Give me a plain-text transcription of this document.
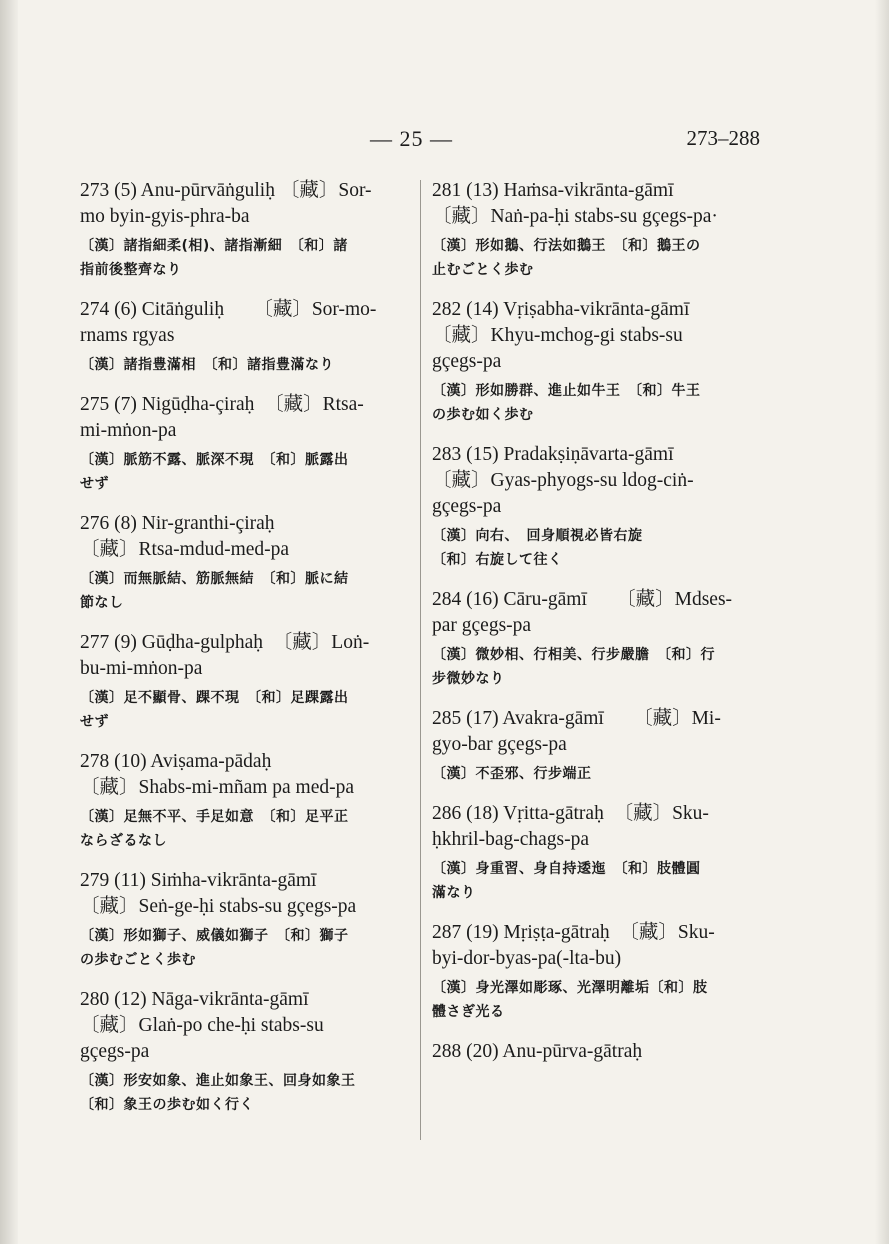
— 25 —	273–288
273 (5) Anu-pūrvāṅguliḥ 〔藏〕Sor-
mo byin-gyis-phra-ba
〔漢〕諸指細柔(相)、諸指漸細　〔和〕諸
指前後整齊なり
274 (6) Citāṅguliḥ　　〔藏〕Sor-mo-
rnams rgyas
〔漢〕諸指豊滿相　〔和〕諸指豊滿なり
275 (7) Nigūḍha-çiraḥ　〔藏〕Rtsa-
mi-mṅon-pa
〔漢〕脈筋不露、脈深不現　〔和〕脈露出
せず
276 (8) Nir-granthi-çiraḥ
〔藏〕Rtsa-mdud-med-pa
〔漢〕而無脈結、筋脈無結　〔和〕脈に結
節なし
277 (9) Gūḍha-gulphaḥ　〔藏〕Loṅ-
bu-mi-mṅon-pa
〔漢〕足不顯骨、踝不現　〔和〕足踝露出
せず
278 (10) Aviṣama-pādaḥ
〔藏〕Shabs-mi-mñam pa med-pa
〔漢〕足無不平、手足如意　〔和〕足平正
ならざるなし
279 (11) Siṁha-vikrānta-gāmī
〔藏〕Seṅ-ge-ḥi stabs-su gçegs-pa
〔漢〕形如獅子、威儀如獅子　〔和〕獅子
の歩むごとく歩む
280 (12) Nāga-vikrānta-gāmī
〔藏〕Glaṅ-po che-ḥi stabs-su
gçegs-pa
〔漢〕形安如象、進止如象王、回身如象王
〔和〕象王の歩む如く行く
281 (13) Haṁsa-vikrānta-gāmī
〔藏〕Naṅ-pa-ḥi stabs-su gçegs-pa·
〔漢〕形如鵝、行法如鵝王　〔和〕鵝王の
止むごとく歩む
282 (14) Vṛiṣabha-vikrānta-gāmī
〔藏〕Khyu-mchog-gi stabs-su
gçegs-pa
〔漢〕形如勝群、進止如牛王　〔和〕牛王
の歩む如く歩む
283 (15) Pradakṣiṇāvarta-gāmī
〔藏〕Gyas-phyogs-su ldog-ciṅ-
gçegs-pa
〔漢〕向右、　回身順視必皆右旋
〔和〕右旋して往く
284 (16) Cāru-gāmī　　〔藏〕Mdses-
par gçegs-pa
〔漢〕微妙相、行相美、行步嚴膽　〔和〕行
步微妙なり
285 (17) Avakra-gāmī　　〔藏〕Mi-
gyo-bar gçegs-pa
〔漢〕不歪邪、行步端正
286 (18) Vṛitta-gātraḥ　〔藏〕Sku-
ḥkhril-bag-chags-pa
〔漢〕身重習、身自持逶迤　〔和〕肢體圓
滿なり
287 (19) Mṛiṣṭa-gātraḥ　〔藏〕Sku-
byi-dor-byas-pa(-lta-bu)
〔漢〕身光澤如彫琢、光澤明離垢〔和〕肢
體さぎ光る
288 (20) Anu-pūrva-gātraḥ
